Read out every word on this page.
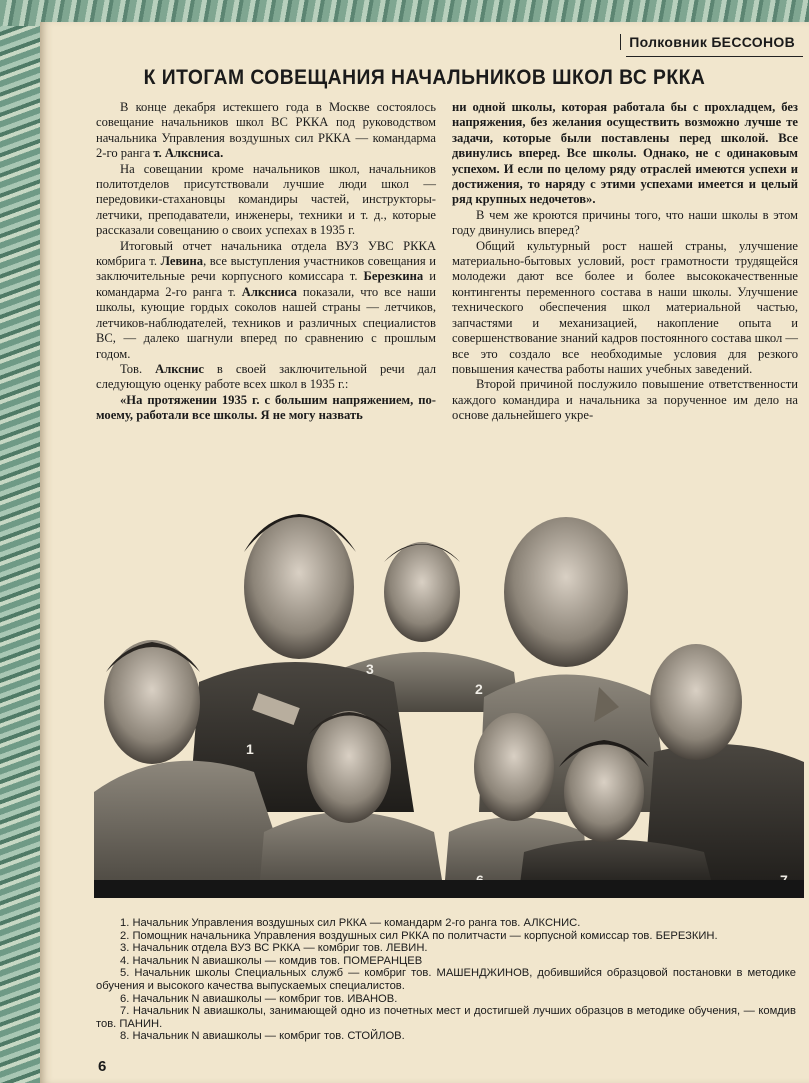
Полковник БЕССОНОВ
К ИТОГАМ СОВЕЩАНИЯ НАЧАЛЬНИКОВ ШКОЛ ВС РККА

В конце декабря истекшего года в Москве состоялось совещание начальников школ ВС РККА под руководством начальника Управления воздушных сил РККА — командарма 2-го ранга т. Алксниса.

На совещании кроме начальников школ, начальников политотделов присутствовали лучшие люди школ — передовики-стахановцы командиры частей, инструкторы-летчики, преподаватели, инженеры, техники и т. д., которые рассказали совещанию о своих успехах в 1935 г.

Итоговый отчет начальника отдела ВУЗ УВС РККА комбрига т. Левина, все выступления участников совещания и заключительные речи корпусного комиссара т. Березкина и командарма 2-го ранга т. Алксниса показали, что все наши школы, кующие гордых соколов нашей страны — летчиков, летчиков-наблюдателей, техников и различных специалистов ВС, — далеко шагнули вперед по сравнению с прошлым годом.

Тов. Алкснис в своей заключительной речи дал следующую оценку работе всех школ в 1935 г.:

«На протяжении 1935 г. с большим напряжением, по-моему, работали все школы. Я не могу назвать

ни одной школы, которая работала бы с прохладцем, без напряжения, без желания осуществить возможно лучше те задачи, которые были поставлены перед школой. Все двинулись вперед. Все школы. Однако, не с одинаковым успехом. И если по целому ряду отраслей имеются успехи и достижения, то наряду с этими успехами имеется и целый ряд крупных недочетов».

В чем же кроются причины того, что наши школы в этом году двинулись вперед?

Общий культурный рост нашей страны, улучшение материально-бытовых условий, рост грамотности трудящейся молодежи дают все более и более высококачественные контингенты переменного состава в наши школы. Улучшение технического обеспечения школ материальной частью, запчастями и механизацией, накопление опыта и совершенствование знаний кадров постоянного состава школ — все это создало все необходимые условия для резкого повышения качества работы наших учебных заведений.

Второй причиной послужило повышение ответственности каждого командира и начальника за порученное им дело на основе дальнейшего укре-

1
2
3
1. Начальник Управления воздушных сил РККА — командарм 2-го ранга тов. АЛКСНИС.
2. Помощник начальника Управления воздушных сил РККА по политчасти — корпусной комиссар тов. БЕРЕЗКИН.
3. Начальник отдела ВУЗ ВС РККА — комбриг тов. ЛЕВИН.
4. Начальник N авиашколы — комдив тов. ПОМЕРАНЦЕВ
5. Начальник школы Специальных служб — комбриг тов. МАШЕНДЖИНОВ, добившийся образцовой постановки в методике обучения и высокого качества выпускаемых специалистов.
6. Начальник N авиашколы — комбриг тов. ИВАНОВ.
7. Начальник N авиашколы, занимающей одно из почетных мест и достигшей лучших образцов в методике обучения, — комдив тов. ПАНИН.
8. Начальник N авиашколы — комбриг тов. СТОЙЛОВ.
6
